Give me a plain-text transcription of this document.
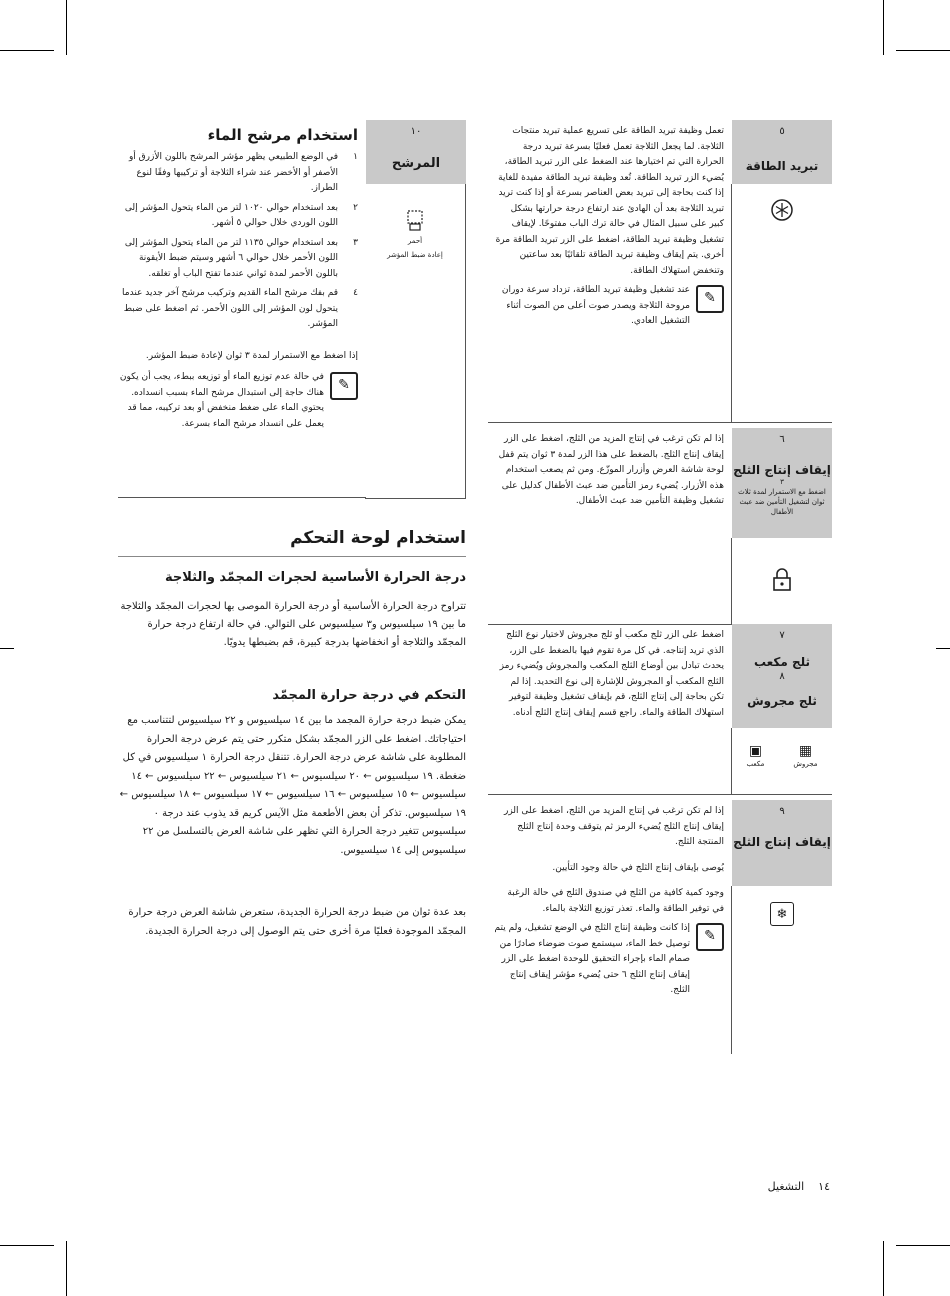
١٠
المرشح
أحمر
إعادة ضبط المؤشر
استخدام مرشح الماء
١
في الوضع الطبيعي يظهر مؤشر المرشح باللون الأزرق أو الأصفر أو الأخضر عند شراء الثلاجة أو تركيبها وفقًا لنوع الطراز.
٢
بعد استخدام حوالي ١٠٢٠ لتر من الماء يتحول المؤشر إلى اللون الوردي خلال حوالي ٥ أشهر.
٣
بعد استخدام حوالي ١١٣٥ لتر من الماء يتحول المؤشر إلى اللون الأحمر خلال حوالي ٦ أشهر وسيتم ضبط الأيقونة باللون الأحمر لمدة ثواني عندما تفتح الباب أو تغلقه.
٤
قم بفك مرشح الماء القديم وتركيب مرشح آخر جديد عندما يتحول لون المؤشر إلى اللون الأحمر. ثم اضغط على ضبط المؤشر.
إذا اضغط مع الاستمرار لمدة ٣ ثوان لإعادة ضبط المؤشر.
✎
في حالة عدم توزيع الماء أو توزيعه ببطء، يجب أن يكون هناك حاجة إلى استبدال مرشح الماء بسبب انسداده. يحتوي الماء على ضغط منخفض أو بعد تركيبه، مما قد يعمل على انسداد مرشح الماء بسرعة.
استخدام لوحة التحكم
درجة الحرارة الأساسية لحجرات المجمّد والثلاجة
تتراوح درجة الحرارة الأساسية أو درجة الحرارة الموصى بها لحجرات المجمّد والثلاجة ما بين ١٩ سيلسيوس و٣ سيلسيوس على التوالي. في حالة ارتفاع درجة حرارة المجمّد والثلاجة أو انخفاضها بدرجة كبيرة، قم بضبطها يدويًا.
التحكم في درجة حرارة المجمّد
يمكن ضبط درجة حرارة المجمد ما بين ١٤ سيلسيوس و ٢٢ سيلسيوس لتتناسب مع احتياجاتك. اضغط على الزر المجمّد بشكل متكرر حتى يتم عرض درجة الحرارة المطلوبة على شاشة عرض درجة الحرارة. تتنقل درجة الحرارة ١ سيلسيوس في كل ضغطة. ١٩ سيلسيوس ← ٢٠ سيلسيوس ← ٢١ سيلسيوس ← ٢٢ سيلسيوس ← ١٤ سيلسيوس ← ١٥ سيلسيوس ← ١٦ سيلسيوس ← ١٧ سيلسيوس ← ١٨ سيلسيوس ← ١٩ سيلسيوس. تذكر أن بعض الأطعمة مثل الآيس كريم قد يذوب عند درجة ٠ سيلسيوس تتغير درجة الحرارة التي تظهر على شاشة العرض بالتسلسل من ٢٢ سيلسيوس إلى ١٤ سيلسيوس.
بعد عدة ثوان من ضبط درجة الحرارة الجديدة، ستعرض شاشة العرض درجة حرارة المجمّد الموجودة فعليًا مرة أخرى حتى يتم الوصول إلى درجة الحرارة الجديدة.
٥
تبريد الطاقة
تعمل وظيفة تبريد الطاقة على تسريع عملية تبريد منتجات الثلاجة. لما يجعل الثلاجة تعمل فعليًا بسرعة تبريد درجة الحرارة التي تم اختيارها عند الضغط على الزر تبريد الطاقة، يُضيء الزر تبريد الطاقة. تُعد وظيفة تبريد الطاقة مفيدة للغاية إذا كنت بحاجة إلى تبريد بعض العناصر بسرعة أو إذا كنت تريد تبريد الثلاجة بعد أن الهادئ عند ارتفاع درجة حرارتها بشكل كبير على سبيل المثال في حالة ترك الباب مفتوحًا. لإيقاف تشغيل وظيفة تبريد الطاقة، اضغط على الزر تبريد الطاقة مرة أخرى. يتم إيقاف وظيفة تبريد الطاقة تلقائيًا بعد ساعتين وتنخفض استهلاك الطاقة.
✎
عند تشغيل وظيفة تبريد الطاقة، تزداد سرعة دوران مروحة الثلاجة ويصدر صوت أعلى من الصوت أثناء التشغيل العادي.
٦
إيقاف إنتاج الثلج
٣
اضغط مع الاستمرار لمدة ثلاث ثوان لتشغيل التأمين ضد عبث الأطفال
إذا لم تكن ترغب في إنتاج المزيد من الثلج، اضغط على الزر إيقاف إنتاج الثلج. بالضغط على هذا الزر لمدة ٣ ثوان يتم قفل لوحة شاشة العرض وأزرار الموزّع. ومن ثم يصعب استخدام هذه الأزرار. يُضيء رمز التأمين ضد عبث الأطفال كدليل على تشغيل وظيفة التأمين ضد عبث الأطفال.
٧
ثلج مكعب
٨
ثلج مجروش
▦
مجروش
▣
مكعب
اضغط على الزر ثلج مكعب أو ثلج مجروش لاختيار نوع الثلج الذي تريد إنتاجه. في كل مرة تقوم فيها بالضغط على الزر، يحدث تبادل بين أوضاع الثلج المكعب والمجروش ويُضيء رمز الثلج المكعب أو المجروش للإشارة إلى نوع التحديد. إذا لم تكن بحاجة إلى إنتاج الثلج، قم بإيقاف تشغيل وظيفة لتوفير استهلاك الطاقة والماء. راجع قسم إيقاف إنتاج الثلج أدناه.
٩
إيقاف إنتاج الثلج
❄
إذا لم تكن ترغب في إنتاج المزيد من الثلج، اضغط على الزر إيقاف إنتاج الثلج يُضيء الرمز ثم يتوقف وحدة إنتاج الثلج المنتجة الثلج.
يُوصى بإيقاف إنتاج الثلج في حالة وجود التأيين.
وجود كمية كافية من الثلج في صندوق الثلج في حالة الرغبة في توفير الطاقة والماء. تعذر توزيع الثلاجة بالماء.
✎
إذا كانت وظيفة إنتاج الثلج في الوضع تشغيل، ولم يتم توصيل خط الماء، سيستمع صوت ضوضاء صادرًا من صمام الماء بإجراء التحقيق للوحدة اضغط على الزر إيقاف إنتاج الثلج ٦ حتى يُضيء مؤشر إيقاف إنتاج الثلج.
١٤    التشغيل
